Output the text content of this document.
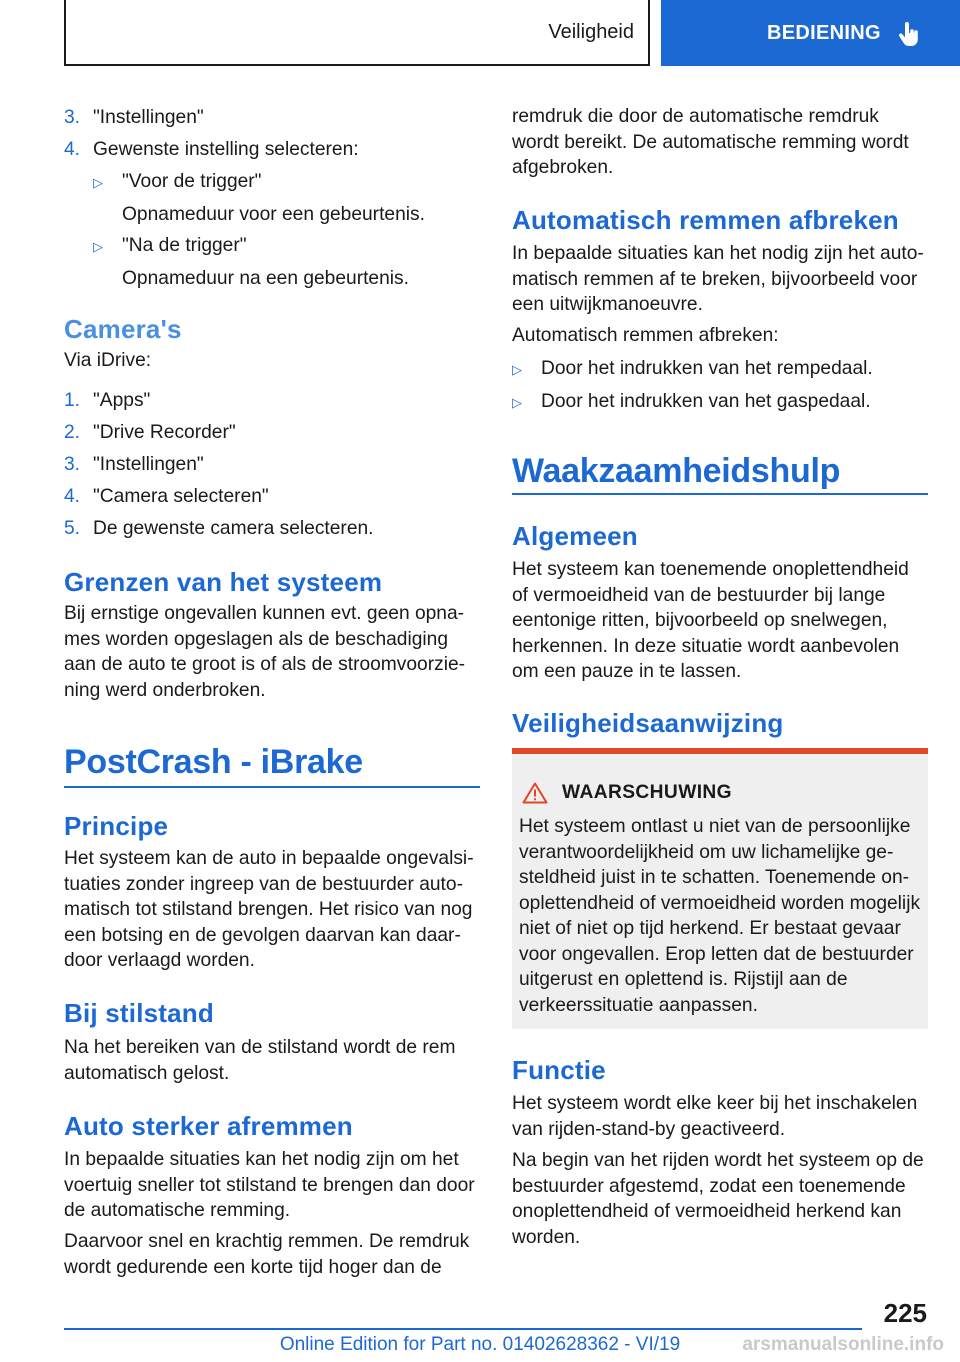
Veiligheid	BEDIENING
3. "Instellingen"
4. Gewenste instelling selecteren:
▷ "Voor de trigger"
Opnameduur voor een gebeurtenis.
▷ "Na de trigger"
Opnameduur na een gebeurtenis.
Camera's
Via iDrive:
1. "Apps"
2. "Drive Recorder"
3. "Instellingen"
4. "Camera selecteren"
5. De gewenste camera selecteren.
Grenzen van het systeem
Bij ernstige ongevallen kunnen evt. geen opnames worden opgeslagen als de beschadiging aan de auto te groot is of als de stroomvoorziening werd onderbroken.
PostCrash - iBrake
Principe
Het systeem kan de auto in bepaalde ongevalsituaties zonder ingreep van de bestuurder automatisch tot stilstand brengen. Het risico van nog een botsing en de gevolgen daarvan kan daardoor verlaagd worden.
Bij stilstand
Na het bereiken van de stilstand wordt de rem automatisch gelost.
Auto sterker afremmen
In bepaalde situaties kan het nodig zijn om het voertuig sneller tot stilstand te brengen dan door de automatische remming.
Daarvoor snel en krachtig remmen. De remdruk wordt gedurende een korte tijd hoger dan de
remdruk die door de automatische remdruk wordt bereikt. De automatische remming wordt afgebroken.
Automatisch remmen afbreken
In bepaalde situaties kan het nodig zijn het automatisch remmen af te breken, bijvoorbeeld voor een uitwijkmanoeuvre.
Automatisch remmen afbreken:
▷ Door het indrukken van het rempedaal.
▷ Door het indrukken van het gaspedaal.
Waakzaamheidshulp
Algemeen
Het systeem kan toenemende onoplettendheid of vermoeidheid van de bestuurder bij lange eentonige ritten, bijvoorbeeld op snelwegen, herkennen. In deze situatie wordt aanbevolen om een pauze in te lassen.
Veiligheidsaanwijzing
WAARSCHUWING
Het systeem ontlast u niet van de persoonlijke verantwoordelijkheid om uw lichamelijke gesteldheid juist in te schatten. Toenemende onoplettendheid of vermoeidheid worden mogelijk niet of niet op tijd herkend. Er bestaat gevaar voor ongevallen. Erop letten dat de bestuurder uitgerust en oplettend is. Rijstijl aan de verkeerssituatie aanpassen.
Functie
Het systeem wordt elke keer bij het inschakelen van rijden-stand-by geactiveerd.
Na begin van het rijden wordt het systeem op de bestuurder afgestemd, zodat een toenemende onoplettendheid of vermoeidheid herkend kan worden.
225
Online Edition for Part no. 01402628362 - VI/19	arsmanualsonline.info
